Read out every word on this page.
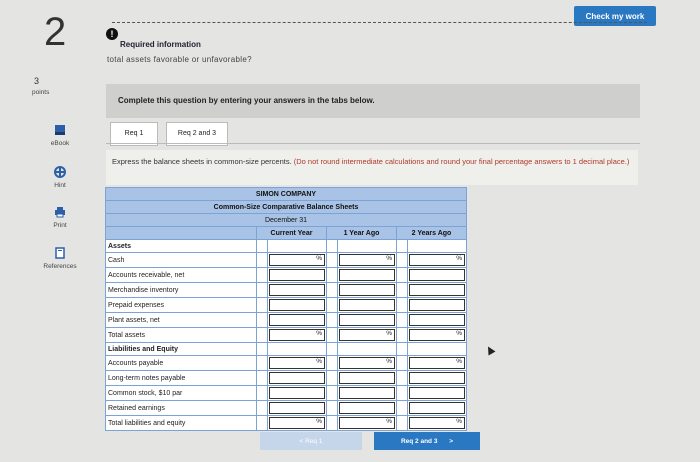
2	Check my work
3
points
!
Required information
total assets favorable or unfavorable?
eBook
Hint
Print
References
Complete this question by entering your answers in the tabs below.
Req 1	Req 2 and 3
Express the balance sheets in common-size percents. (Do not round intermediate calculations and round your final percentage answers to 1 decimal place.)
SIMON COMPANY						
Common-Size Comparative Balance Sheets						
December 31						
	Current Year		1 Year Ago		2 Years Ago	
Assets						
Cash		%		%		%

Accounts receivable, net		

Merchandise inventory		

Prepaid expenses		

Plant assets, net		

Total assets		%		%		%

Liabilities and Equity						
Accounts payable		%		%		%

Long-term notes payable		

Common stock, $10 par		

Retained earnings		

Total liabilities and equity		%		%		%
< Req 1	Req 2 and 3 >
